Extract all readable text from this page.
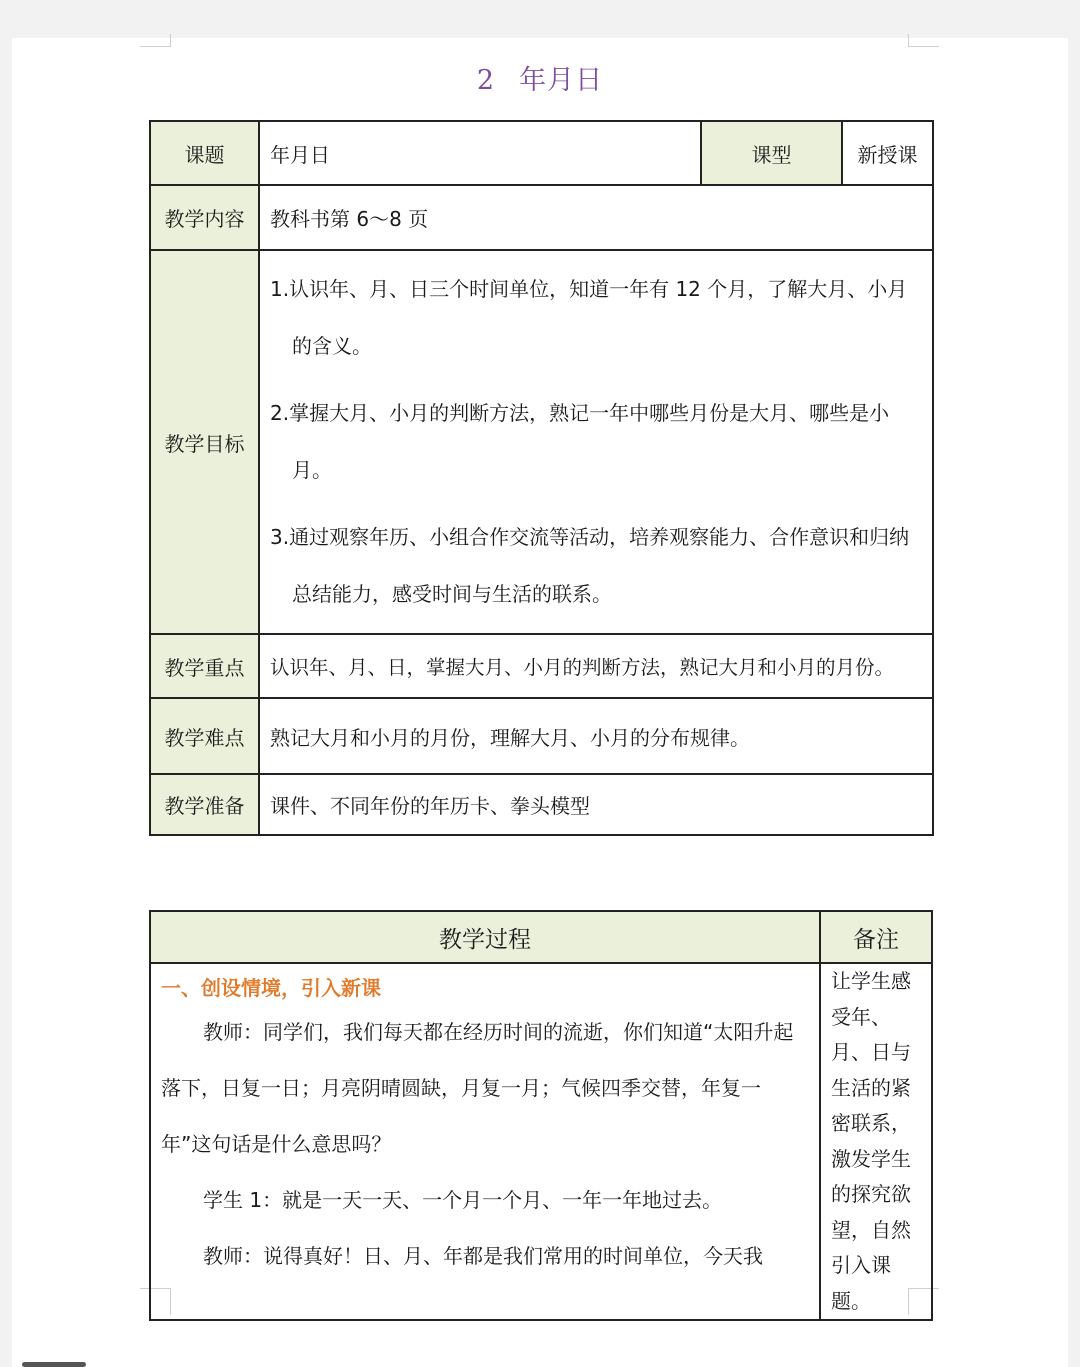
2 年月日
课题	年月日	课型	新授课
教学内容	教科书第 6～8 页		
教学目标	1.认识年、月、日三个时间单位，知道一年有 12 个月，了解大月、小月的含义。
2.掌握大月、小月的判断方法，熟记一年中哪些月份是大月、哪些是小月。
3.通过观察年历、小组合作交流等活动，培养观察能力、合作意识和归纳总结能力，感受时间与生活的联系。		

教学重点	认识年、月、日，掌握大月、小月的判断方法，熟记大月和小月的月份。		
教学难点	熟记大月和小月的月份，理解大月、小月的分布规律。		
教学准备	课件、不同年份的年历卡、拳头模型		
教学过程	备注

一、创设情境，引入新课
教师：同学们，我们每天都在经历时间的流逝，你们知道“太阳升起落下，日复一日；月亮阴晴圆缺，月复一月；气候四季交替，年复一年”这句话是什么意思吗？
学生 1：就是一天一天、一个月一个月、一年一年地过去。
教师：说得真好！日、月、年都是我们常用的时间单位，今天我	让学生感受年、月、日与生活的紧密联系，激发学生的探究欲望，自然引入课题。
